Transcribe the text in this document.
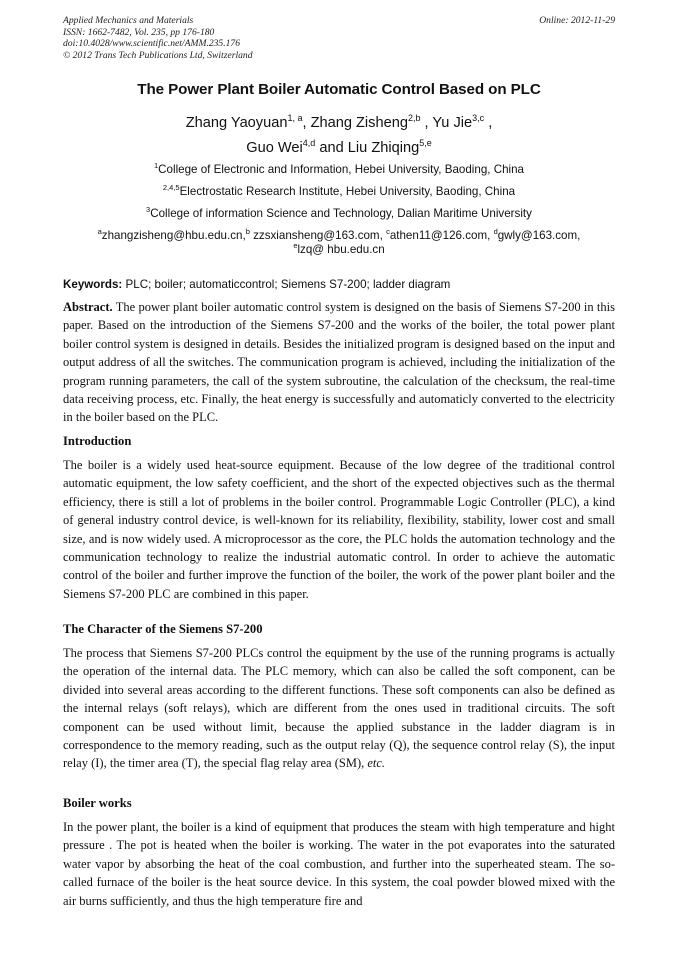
Applied Mechanics and Materials
ISSN: 1662-7482, Vol. 235, pp 176-180
doi:10.4028/www.scientific.net/AMM.235.176
© 2012 Trans Tech Publications Ltd, Switzerland
Online: 2012-11-29
The Power Plant Boiler Automatic Control Based on PLC
Zhang Yaoyuan$^{1, a}$, Zhang Zisheng$^{2,b}$ , Yu Jie$^{3,c}$ ,
Guo Wei$^{4,d}$ and Liu Zhiqing$^{5,e}$
$^1$College of Electronic and Information, Hebei University, Baoding, China
$^{2,4,5}$Electrostatic Research Institute, Hebei University, Baoding, China
$^3$College of information Science and Technology, Dalian Maritime University
$^a$zhangzisheng@hbu.edu.cn,$^b$ zzsxiansheng@163.com, $^c$athen11@126.com, $^d$gwly@163.com,
$^e$lzq@ hbu.edu.cn
Keywords: PLC; boiler; automaticcontrol; Siemens S7-200; ladder diagram

Abstract. The power plant boiler automatic control system is designed on the basis of Siemens S7-200 in this paper. Based on the introduction of the Siemens S7-200 and the works of the boiler, the total power plant boiler control system is designed in details. Besides the initialized program is designed based on the input and output address of all the switches. The communication program is achieved, including the initialization of the program running parameters, the call of the system subroutine, the calculation of the checksum, the real-time data receiving process, etc. Finally, the heat energy is successfully and automaticly converted to the electricity in the boiler based on the PLC.

Introduction

The boiler is a widely used heat-source equipment. Because of the low degree of the traditional control automatic equipment, the low safety coefficient, and the short of the expected objectives such as the thermal efficiency, there is still a lot of problems in the boiler control. Programmable Logic Controller (PLC), a kind of general industry control device, is well-known for its reliability, flexibility, stability, lower cost and small size, and is now widely used. A microprocessor as the core, the PLC holds the automation technology and the communication technology to realize the industrial automatic control. In order to achieve the automatic control of the boiler and further improve the function of the boiler, the work of the power plant boiler and the Siemens S7-200 PLC are combined in this paper.

The Character of the Siemens S7-200

The process that Siemens S7-200 PLCs control the equipment by the use of the running programs is actually the operation of the internal data. The PLC memory, which can also be called the soft component, can be divided into several areas according to the different functions. These soft components can also be defined as the internal relays (soft relays), which are different from the ones used in traditional circuits. The soft component can be used without limit, because the applied substance in the ladder diagram is in correspondence to the memory reading, such as the output relay (Q), the sequence control relay (S), the input relay (I), the timer area (T), the special flag relay area (SM), etc.

Boiler works

In the power plant, the boiler is a kind of equipment that produces the steam with high temperature and hight pressure . The pot is heated when the boiler is working. The water in the pot evaporates into the saturated water vapor by absorbing the heat of the coal combustion, and further into the superheated steam. The so-called furnace of the boiler is the heat source device. In this system, the coal powder blowed mixed with the air burns sufficiently, and thus the high temperature fire and
